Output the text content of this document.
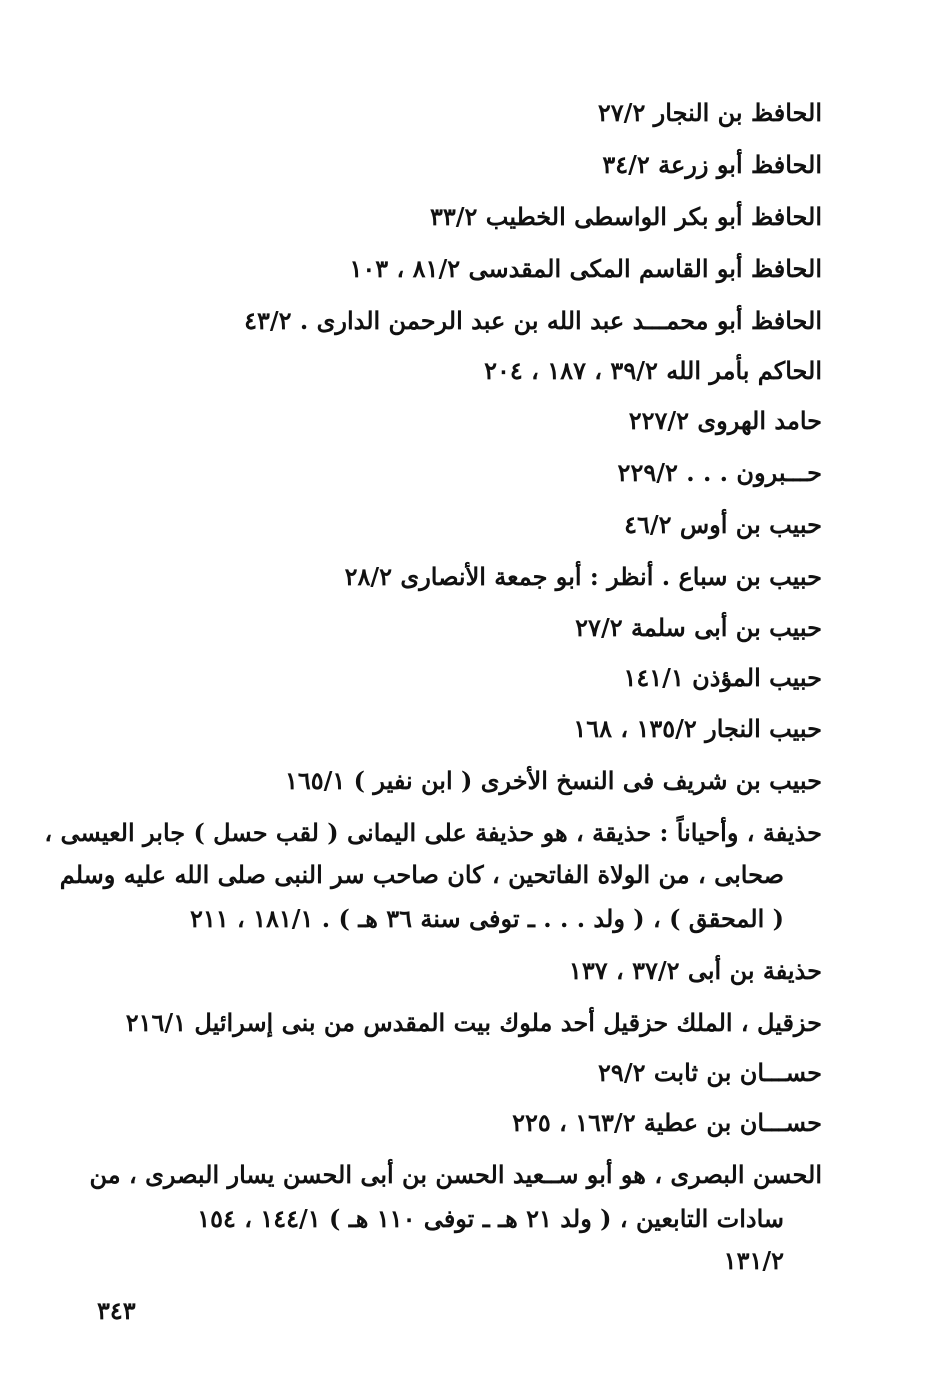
الحافظ بن النجار ٢٧/٢
الحافظ أبو زرعة ٣٤/٢
الحافظ أبو بكر الواسطى الخطيب ٣٣/٢
الحافظ أبو القاسم المكى المقدسى ٨١/٢ ، ١٠٣
الحافظ أبو محمـــد عبد الله بن عبد الرحمن الدارى . ٤٣/٢
الحاكم بأمر الله ٣٩/٢ ، ١٨٧ ، ٢٠٤
حامد الهروى ٢٢٧/٢
حـــبرون . . . ٢٢٩/٢
حبيب بن أوس ٤٦/٢
حبيب بن سباع . أنظر : أبو جمعة الأنصارى ٢٨/٢
حبيب بن أبى سلمة ٢٧/٢
حبيب المؤذن ١٤١/١
حبيب النجار ١٣٥/٢ ، ١٦٨
حبيب بن شريف فى النسخ الأخرى ( ابن نفير ) ١٦٥/١
حذيفة ، وأحياناً : حذيقة ، هو حذيفة على اليمانى ( لقب حسل ) جابر العيسى ،
صحابى ، من الولاة الفاتحين ، كان صاحب سر النبى صلى الله عليه وسلم
( المحقق ) ، ( ولد . . . ـ توفى سنة ٣٦ هـ ) . ١٨١/١ ، ٢١١
حذيفة بن أبى ٣٧/٢ ، ١٣٧
حزقيل ، الملك حزقيل أحد ملوك بيت المقدس من بنى إسرائيل ٢١٦/١
حســـان بن ثابت ٢٩/٢
حســـان بن عطية ١٦٣/٢ ، ٢٢٥
الحسن البصرى ، هو أبو ســعيد الحسن بن أبى الحسن يسار البصرى ، من
سادات التابعين ، ( ولد ٢١ هـ ـ توفى ١١٠ هـ ) ١٤٤/١ ، ١٥٤
١٣١/٢
٣٤٣
